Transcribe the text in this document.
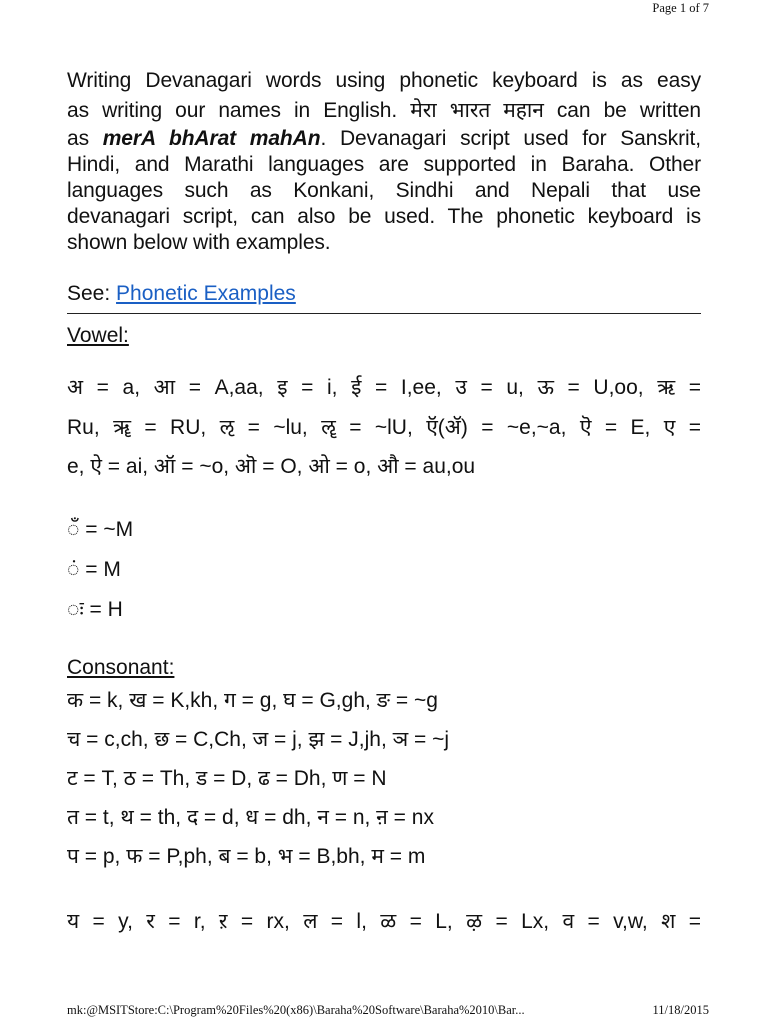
Page 1 of 7
Writing Devanagari words using phonetic keyboard is as easy
as writing our names in English. मेरा भारत महान can be written
as merA bhArat mahAn. Devanagari script used for Sanskrit,
Hindi, and Marathi languages are supported in Baraha. Other
languages such as Konkani, Sindhi and Nepali that use
devanagari script, can also be used. The phonetic keyboard is
shown below with examples.
See: Phonetic Examples
Vowel:
अ = a, आ = A,aa, इ = i, ई = I,ee, उ = u, ऊ = U,oo, ऋ =
Ru, ॠ = RU, ऌ = ~lu, ॡ = ~lU, ऍ(ॲ) = ~e,~a, ऎ = E, ए =
e, ऐ = ai, ऑ = ~o, ऒ = O, ओ = o, औ = au,ou
ँ = ~M
ं = M
ः = H
Consonant:
क = k, ख = K,kh, ग = g, घ = G,gh, ङ = ~g
च = c,ch, छ = C,Ch, ज = j, झ = J,jh, ञ = ~j
ट = T, ठ = Th, ड = D, ढ = Dh, ण = N
त = t, थ = th, द = d, ध = dh, न = n, ऩ = nx
प = p, फ = P,ph, ब = b, भ = B,bh, म = m
य = y, र = r, ऱ = rx, ल = l, ळ = L, ऴ = Lx, व = v,w, श =
mk:@MSITStore:C:\Program%20Files%20(x86)\Baraha%20Software\Baraha%2010\Bar...	11/18/2015
